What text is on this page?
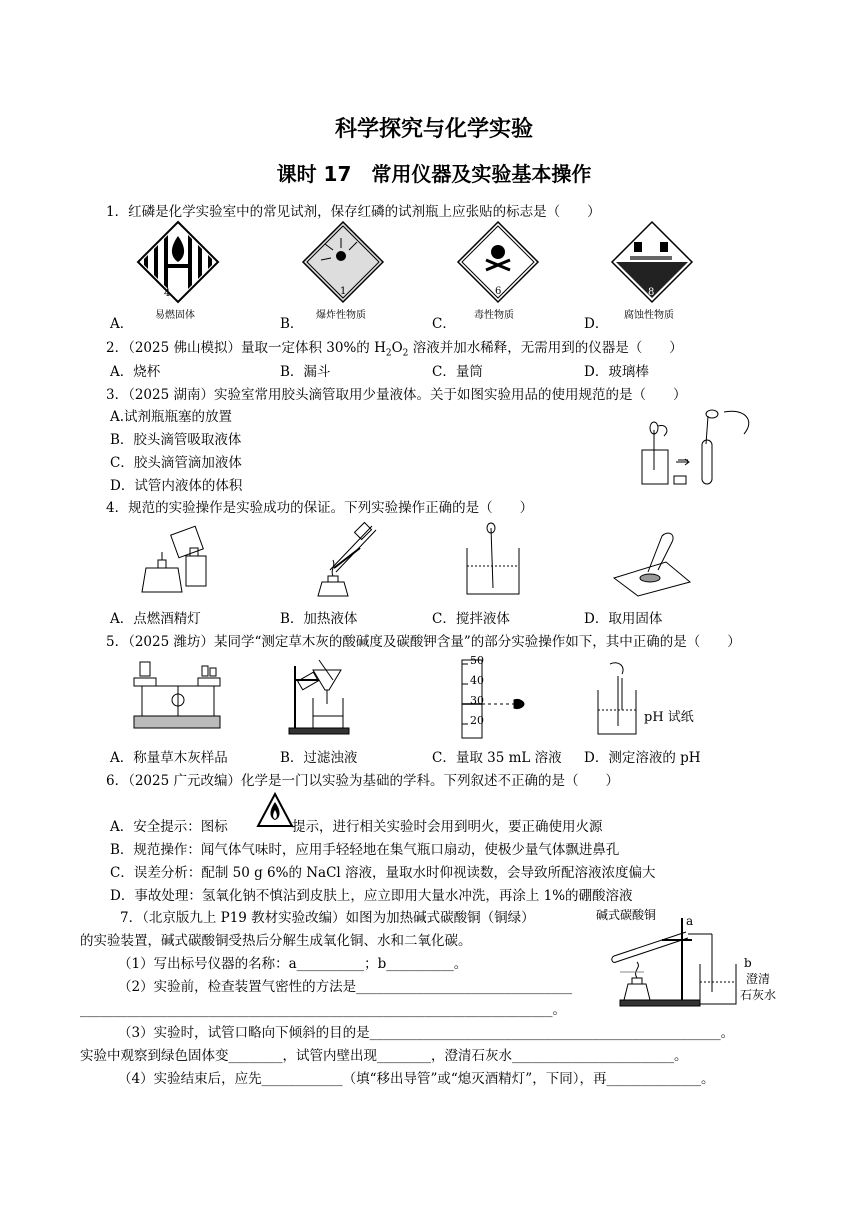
科学探究与化学实验
课时 17　常用仪器及实验基本操作
1．红磷是化学实验室中的常见试剂，保存红磷的试剂瓶上应张贴的标志是（　　）
4	1	6	8
A．
易燃固体
B．
爆炸性物质
C．
毒性物质
D．
腐蚀性物质
2．（2025 佛山模拟）量取一定体积 30%的 $H_2O_2$ 溶液并加水稀释，无需用到的仪器是（　　）
A．烧杯	B．漏斗	C．量筒	D．玻璃棒
3．（2025 湖南）实验室常用胶头滴管取用少量液体。关于如图实验用品的使用规范的是（　　）
A.试剂瓶瓶塞的放置
B．胶头滴管吸取液体
C．胶头滴管滴加液体
D．试管内液体的体积
4．规范的实验操作是实验成功的保证。下列实验操作正确的是（　　）
A．点燃酒精灯	B．加热液体	C．搅拌液体	D．取用固体
5．（2025 潍坊）某同学“测定草木灰的酸碱度及碳酸钾含量”的部分实验操作如下，其中正确的是（　　）
50
40
30
20	pH 试纸
A．称量草木灰样品	B．过滤浊液	C．量取 35 mL 溶液 D．测定溶液的 pH
6．（2025 广元改编）化学是一门以实验为基础的学科。下列叙述不正确的是（　　）
A．安全提示：图标	提示，进行相关实验时会用到明火，要正确使用火源
B．规范操作：闻气体气味时，应用手轻轻地在集气瓶口扇动，使极少量气体飘进鼻孔
C．误差分析：配制 50 g 6%的 NaCl 溶液，量取水时仰视读数，会导致所配溶液浓度偏大
D．事故处理：氢氧化钠不慎沾到皮肤上，应立即用大量水冲洗，再涂上 1%的硼酸溶液
7．（北京版九上 P19 教材实验改编）如图为加热碱式碳酸铜（铜绿）
的实验装置，碱式碳酸铜受热后分解生成氧化铜、水和二氧化碳。
（1）写出标号仪器的名称：a__________；b__________。
（2）实验前，检查装置气密性的方法是________________________________
______________________________________________________________________。
（3）实验时，试管口略向下倾斜的目的是____________________________________________________。
实验中观察到绿色固体变________，试管内壁出现________，澄清石灰水________________________。
（4）实验结束后，应先____________（填“移出导管”或“熄灭酒精灯”，下同），再______________。
碱式碳酸铜 a
b
澄清
石灰水
